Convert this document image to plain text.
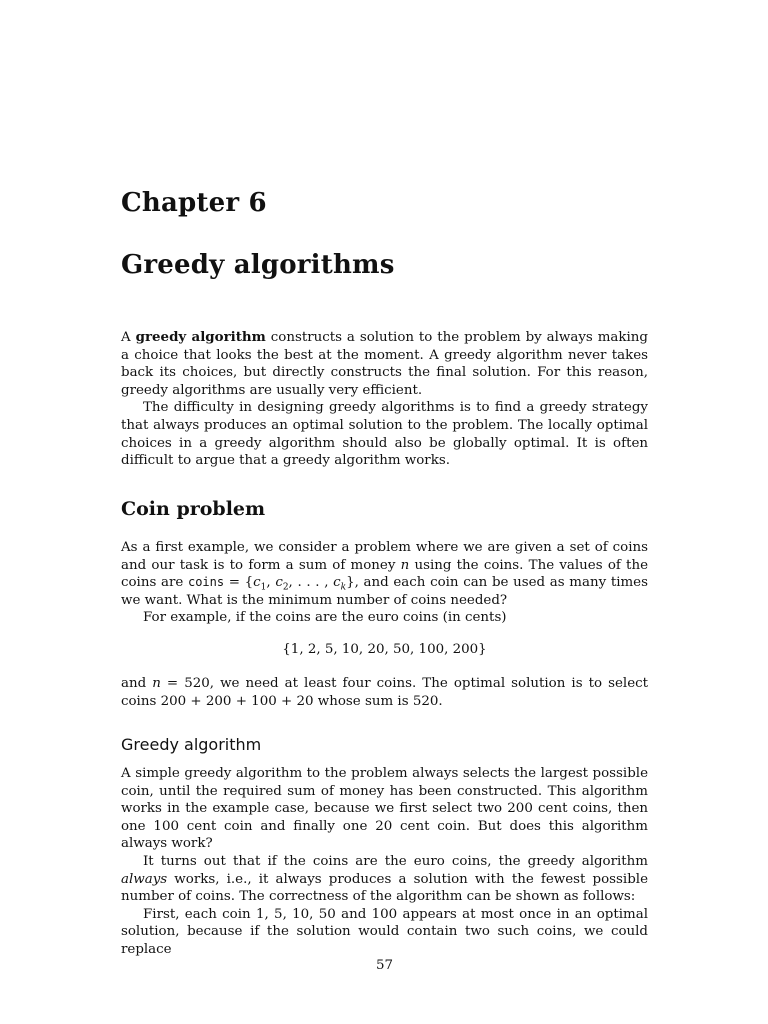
Chapter 6
Greedy algorithms

A greedy algorithm constructs a solution to the problem by always making a choice that looks the best at the moment. A greedy algorithm never takes back its choices, but directly constructs the final solution. For this reason, greedy algorithms are usually very efficient.

The difficulty in designing greedy algorithms is to find a greedy strategy that always produces an optimal solution to the problem. The locally optimal choices in a greedy algorithm should also be globally optimal. It is often difficult to argue that a greedy algorithm works.

Coin problem

As a first example, we consider a problem where we are given a set of coins and our task is to form a sum of money n using the coins. The values of the coins are coins = {$c_1$, $c_2$, . . . , $c_k$}, and each coin can be used as many times we want. What is the minimum number of coins needed?

For example, if the coins are the euro coins (in cents)

{1, 2, 5, 10, 20, 50, 100, 200}

and n = 520, we need at least four coins. The optimal solution is to select coins 200 + 200 + 100 + 20 whose sum is 520.

Greedy algorithm

A simple greedy algorithm to the problem always selects the largest possible coin, until the required sum of money has been constructed. This algorithm works in the example case, because we first select two 200 cent coins, then one 100 cent coin and finally one 20 cent coin. But does this algorithm always work?

It turns out that if the coins are the euro coins, the greedy algorithm always works, i.e., it always produces a solution with the fewest possible number of coins. The correctness of the algorithm can be shown as follows:

First, each coin 1, 5, 10, 50 and 100 appears at most once in an optimal solution, because if the solution would contain two such coins, we could replace

57
